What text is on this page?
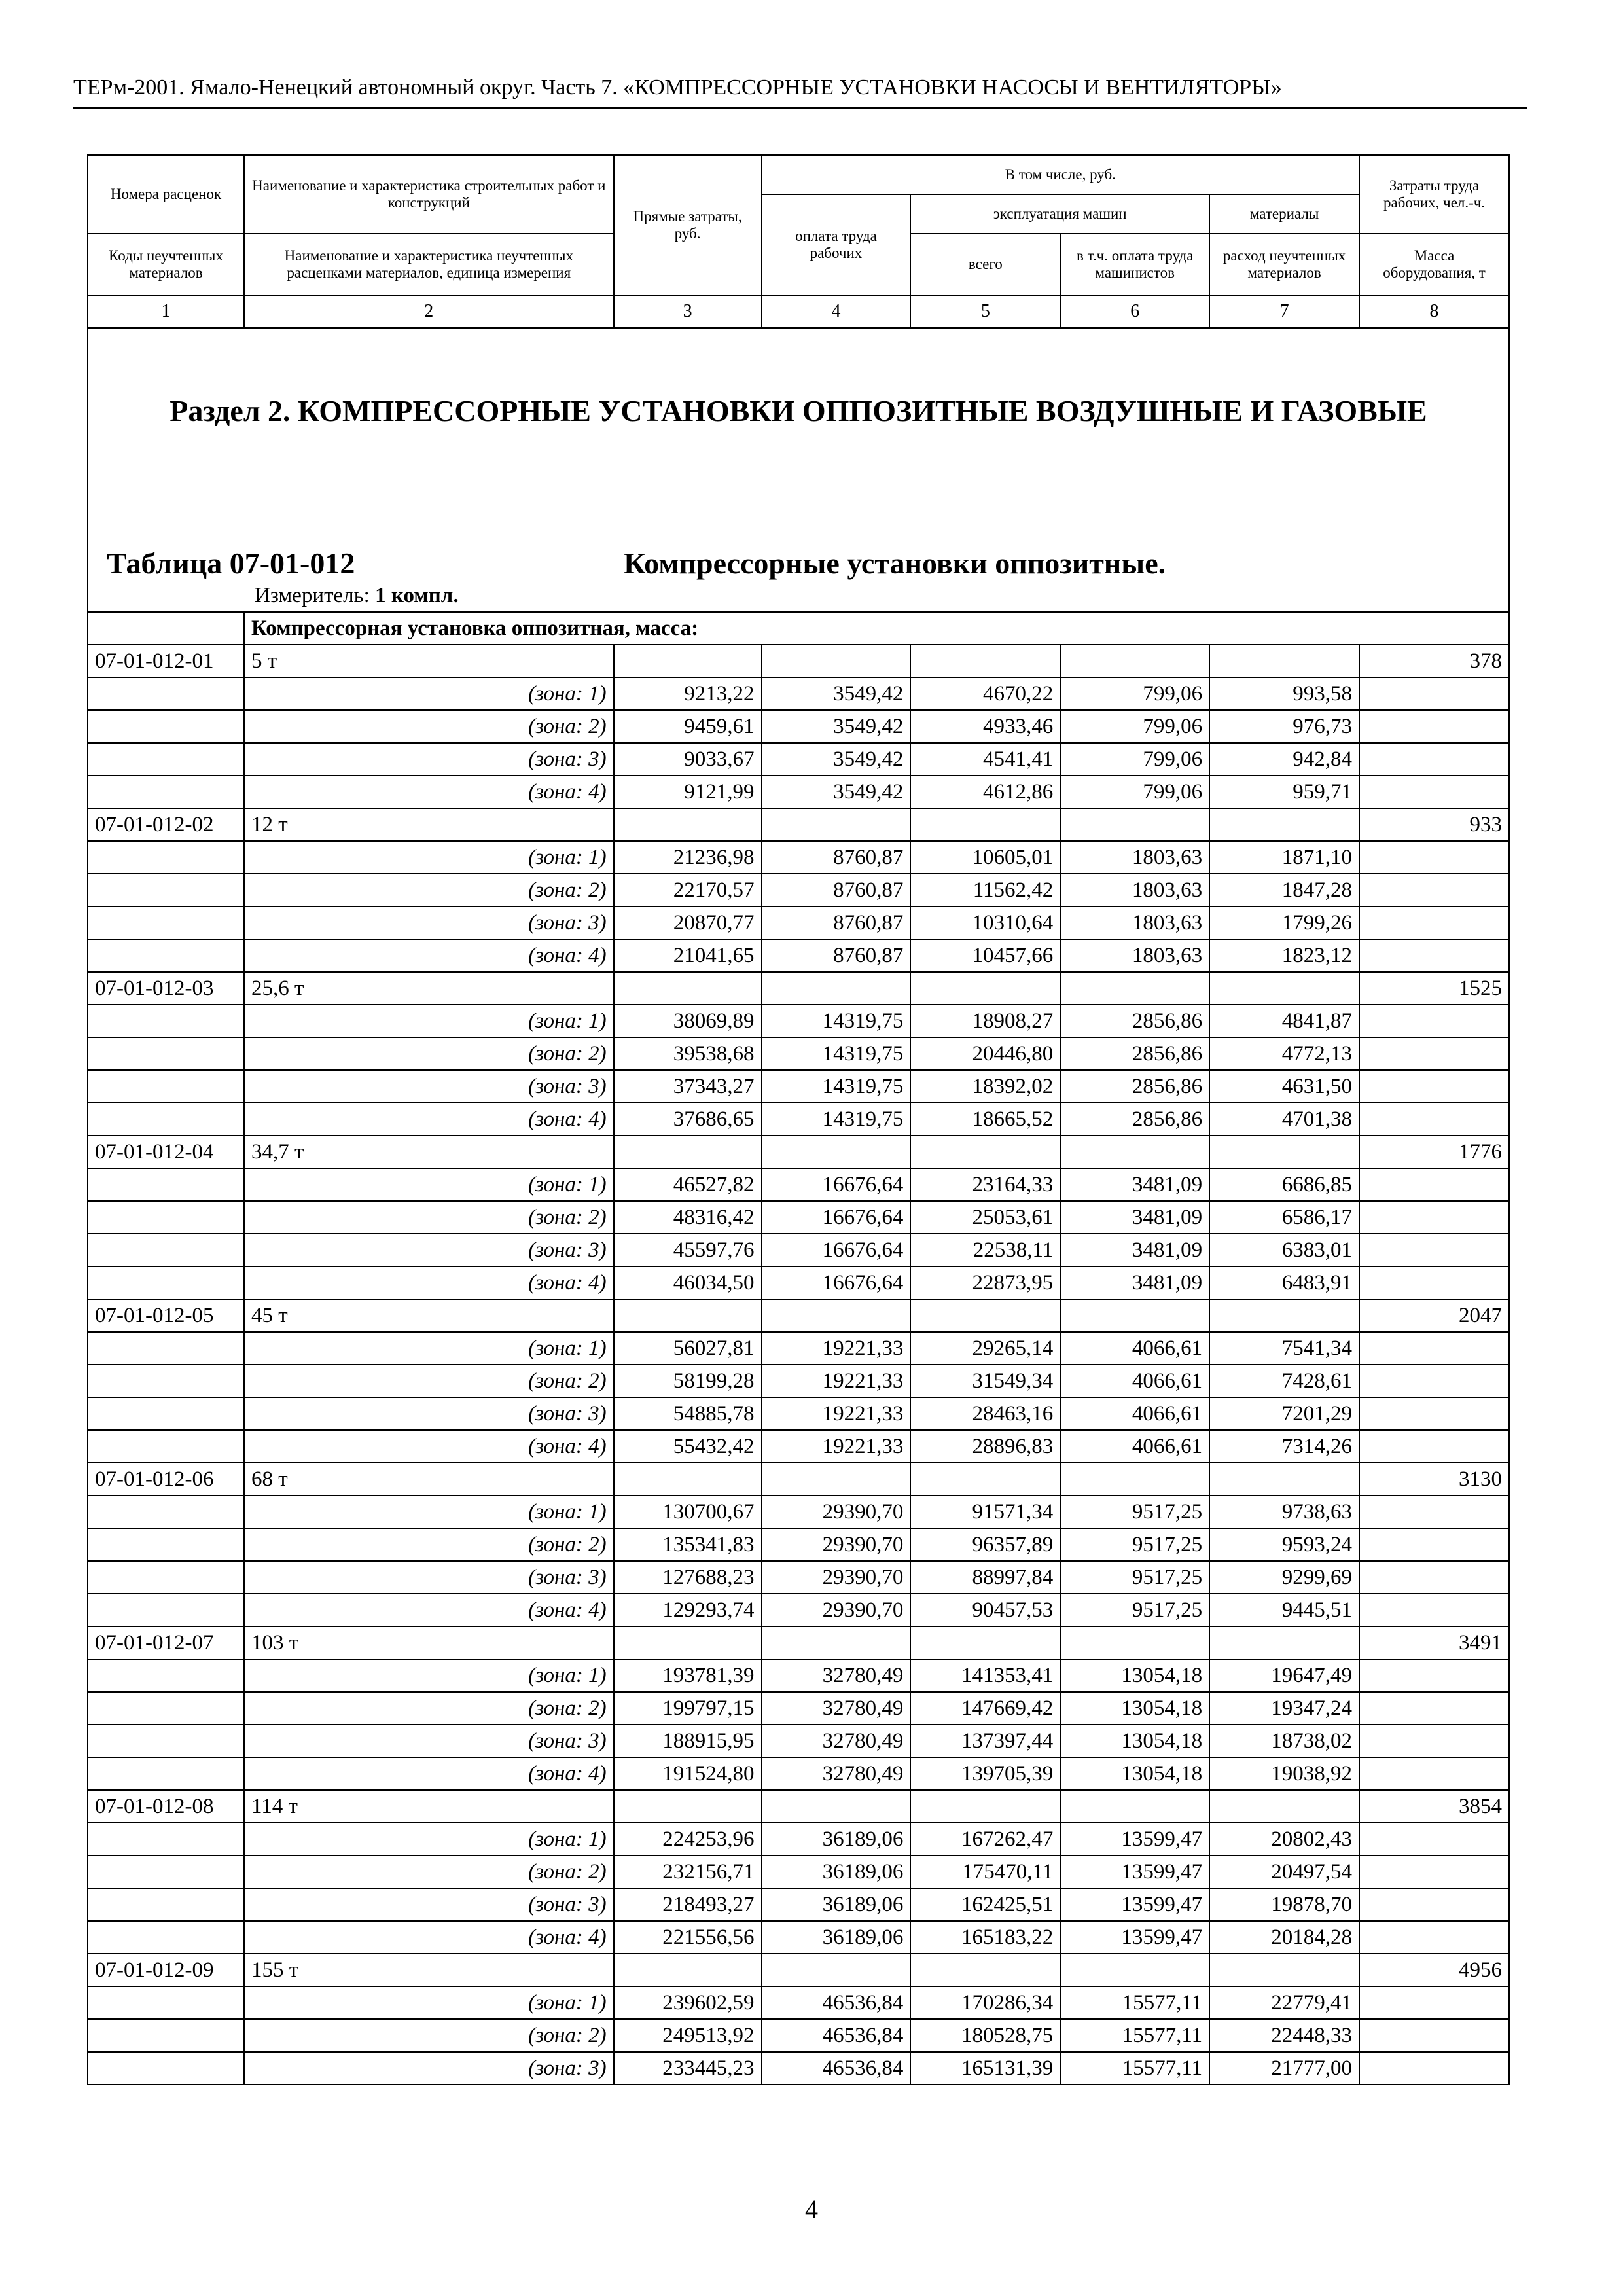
ТЕРм-2001. Ямало-Ненецкий автономный округ. Часть 7. «КОМПРЕССОРНЫЕ УСТАНОВКИ НАСОСЫ И ВЕНТИЛЯТОРЫ»
Номера расценок	Наименование и характеристика строительных работ и конструкций	Прямые затраты, руб.	В том числе, руб.				Затраты труда рабочих, чел.-ч.
			оплата труда рабочих	эксплуатация машин		материалы	
Коды неучтенных материалов	Наименование и характеристика неучтенных расценками материалов, единица измерения			всего	в т.ч. оплата труда машинистов	расход неучтенных материалов	Масса оборудования, т
1	2	3	4	5	6	7	8

Раздел 2. КОМПРЕССОРНЫЕ УСТАНОВКИ ОППОЗИТНЫЕ ВОЗДУШНЫЕ И ГАЗОВЫЕ
Таблица 07-01-012 Компрессорные установки оппозитные.
Измеритель: 1 компл.							

	Компрессорная установка оппозитная, масса:						
07-01-012-01	5 т						378
	(зона: 1)	9213,22	3549,42	4670,22	799,06	993,58	
	(зона: 2)	9459,61	3549,42	4933,46	799,06	976,73	
	(зона: 3)	9033,67	3549,42	4541,41	799,06	942,84	
	(зона: 4)	9121,99	3549,42	4612,86	799,06	959,71	
07-01-012-02	12 т						933
	(зона: 1)	21236,98	8760,87	10605,01	1803,63	1871,10	
	(зона: 2)	22170,57	8760,87	11562,42	1803,63	1847,28	
	(зона: 3)	20870,77	8760,87	10310,64	1803,63	1799,26	
	(зона: 4)	21041,65	8760,87	10457,66	1803,63	1823,12	
07-01-012-03	25,6 т						1525
	(зона: 1)	38069,89	14319,75	18908,27	2856,86	4841,87	
	(зона: 2)	39538,68	14319,75	20446,80	2856,86	4772,13	
	(зона: 3)	37343,27	14319,75	18392,02	2856,86	4631,50	
	(зона: 4)	37686,65	14319,75	18665,52	2856,86	4701,38	
07-01-012-04	34,7 т						1776
	(зона: 1)	46527,82	16676,64	23164,33	3481,09	6686,85	
	(зона: 2)	48316,42	16676,64	25053,61	3481,09	6586,17	
	(зона: 3)	45597,76	16676,64	22538,11	3481,09	6383,01	
	(зона: 4)	46034,50	16676,64	22873,95	3481,09	6483,91	
07-01-012-05	45 т						2047
	(зона: 1)	56027,81	19221,33	29265,14	4066,61	7541,34	
	(зона: 2)	58199,28	19221,33	31549,34	4066,61	7428,61	
	(зона: 3)	54885,78	19221,33	28463,16	4066,61	7201,29	
	(зона: 4)	55432,42	19221,33	28896,83	4066,61	7314,26	
07-01-012-06	68 т						3130
	(зона: 1)	130700,67	29390,70	91571,34	9517,25	9738,63	
	(зона: 2)	135341,83	29390,70	96357,89	9517,25	9593,24	
	(зона: 3)	127688,23	29390,70	88997,84	9517,25	9299,69	
	(зона: 4)	129293,74	29390,70	90457,53	9517,25	9445,51	
07-01-012-07	103 т						3491
	(зона: 1)	193781,39	32780,49	141353,41	13054,18	19647,49	
	(зона: 2)	199797,15	32780,49	147669,42	13054,18	19347,24	
	(зона: 3)	188915,95	32780,49	137397,44	13054,18	18738,02	
	(зона: 4)	191524,80	32780,49	139705,39	13054,18	19038,92	
07-01-012-08	114 т						3854
	(зона: 1)	224253,96	36189,06	167262,47	13599,47	20802,43	
	(зона: 2)	232156,71	36189,06	175470,11	13599,47	20497,54	
	(зона: 3)	218493,27	36189,06	162425,51	13599,47	19878,70	
	(зона: 4)	221556,56	36189,06	165183,22	13599,47	20184,28	
07-01-012-09	155 т						4956
	(зона: 1)	239602,59	46536,84	170286,34	15577,11	22779,41	
	(зона: 2)	249513,92	46536,84	180528,75	15577,11	22448,33	
	(зона: 3)	233445,23	46536,84	165131,39	15577,11	21777,00	
4
